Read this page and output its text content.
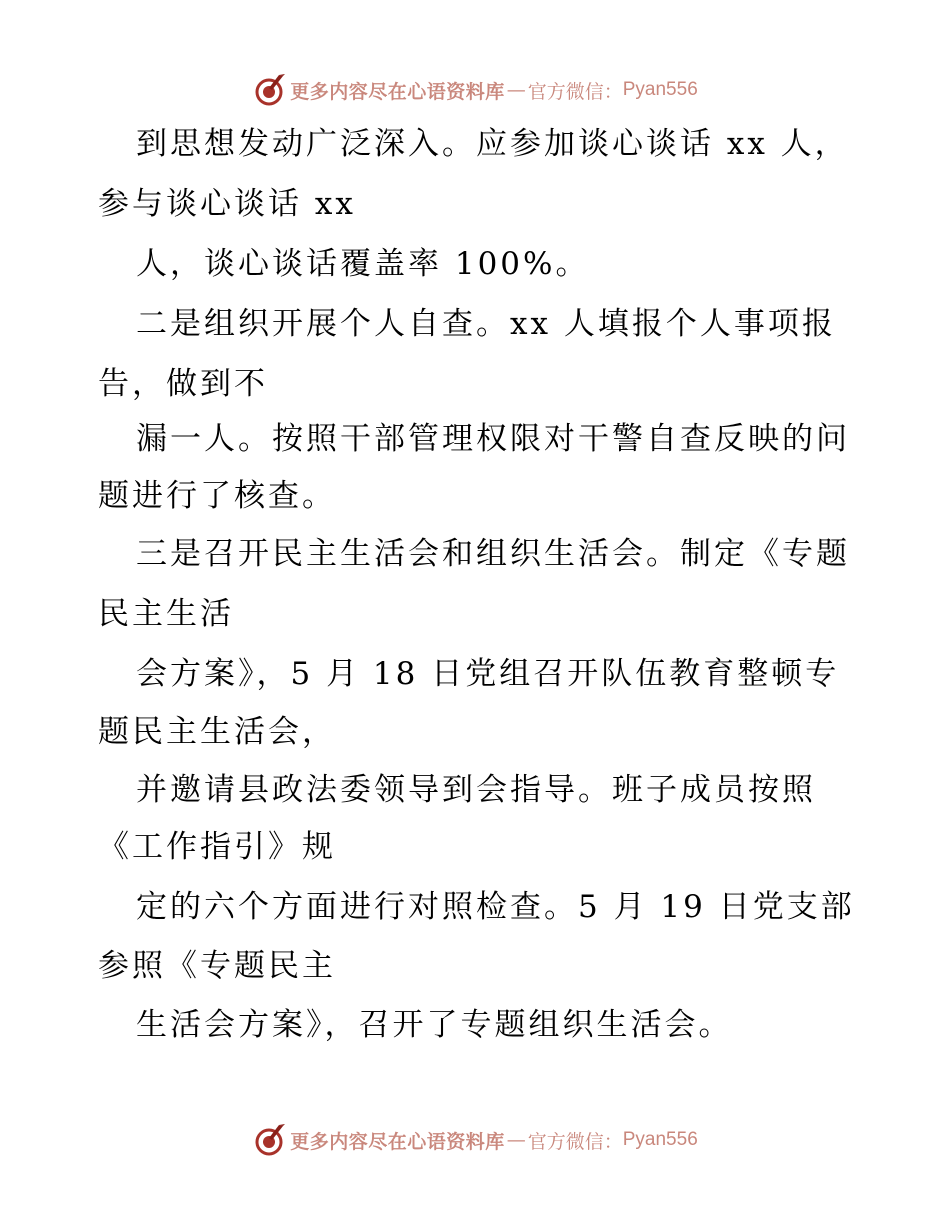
更多内容尽在心语资料库 — 官方微信： Pyan556
到思想发动广泛深入。应参加谈心谈话 xx 人，
参与谈心谈话 xx
人，谈心谈话覆盖率 100%。
二是组织开展个人自查。xx 人填报个人事项报
告，做到不
漏一人。按照干部管理权限对干警自查反映的问
题进行了核查。
三是召开民主生活会和组织生活会。制定《专题
民主生活
会方案》，5 月 18 日党组召开队伍教育整顿专
题民主生活会，
并邀请县政法委领导到会指导。班子成员按照
《工作指引》规
定的六个方面进行对照检查。5 月 19 日党支部
参照《专题民主
生活会方案》，召开了专题组织生活会。
更多内容尽在心语资料库 — 官方微信： Pyan556
